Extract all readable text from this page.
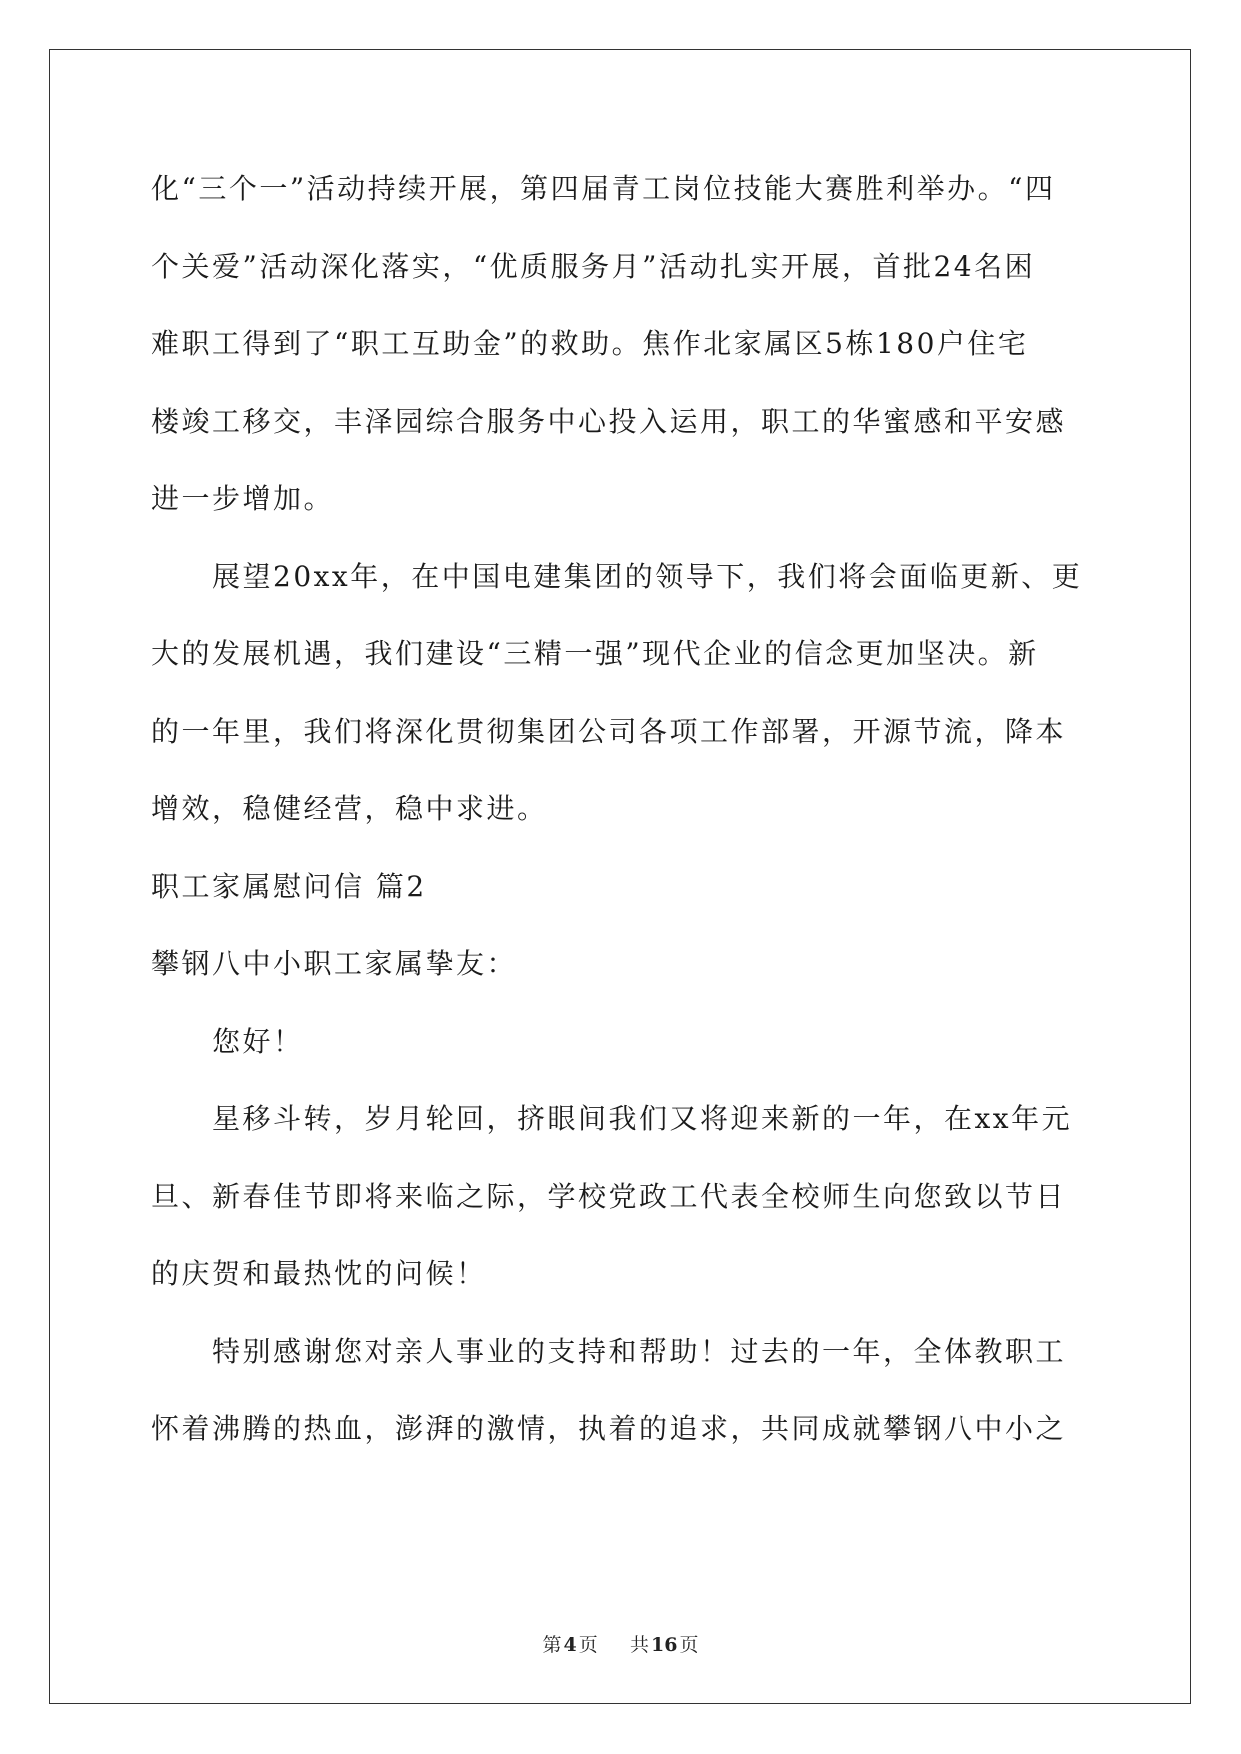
化“三个一”活动持续开展，第四届青工岗位技能大赛胜利举办。“四
个关爱”活动深化落实，“优质服务月”活动扎实开展，首批24名困
难职工得到了“职工互助金”的救助。焦作北家属区5栋180户住宅
楼竣工移交，丰泽园综合服务中心投入运用，职工的华蜜感和平安感
进一步增加。
　　展望20xx年，在中国电建集团的领导下，我们将会面临更新、更
大的发展机遇，我们建设“三精一强”现代企业的信念更加坚决。新
的一年里，我们将深化贯彻集团公司各项工作部署，开源节流，降本
增效，稳健经营，稳中求进。
职工家属慰问信 篇2
攀钢八中小职工家属挚友：
　　您好！
　　星移斗转，岁月轮回，挤眼间我们又将迎来新的一年，在xx年元
旦、新春佳节即将来临之际，学校党政工代表全校师生向您致以节日
的庆贺和最热忱的问候！
　　特别感谢您对亲人事业的支持和帮助！过去的一年，全体教职工
怀着沸腾的热血，澎湃的激情，执着的追求，共同成就攀钢八中小之
第 4 页 共 16 页
